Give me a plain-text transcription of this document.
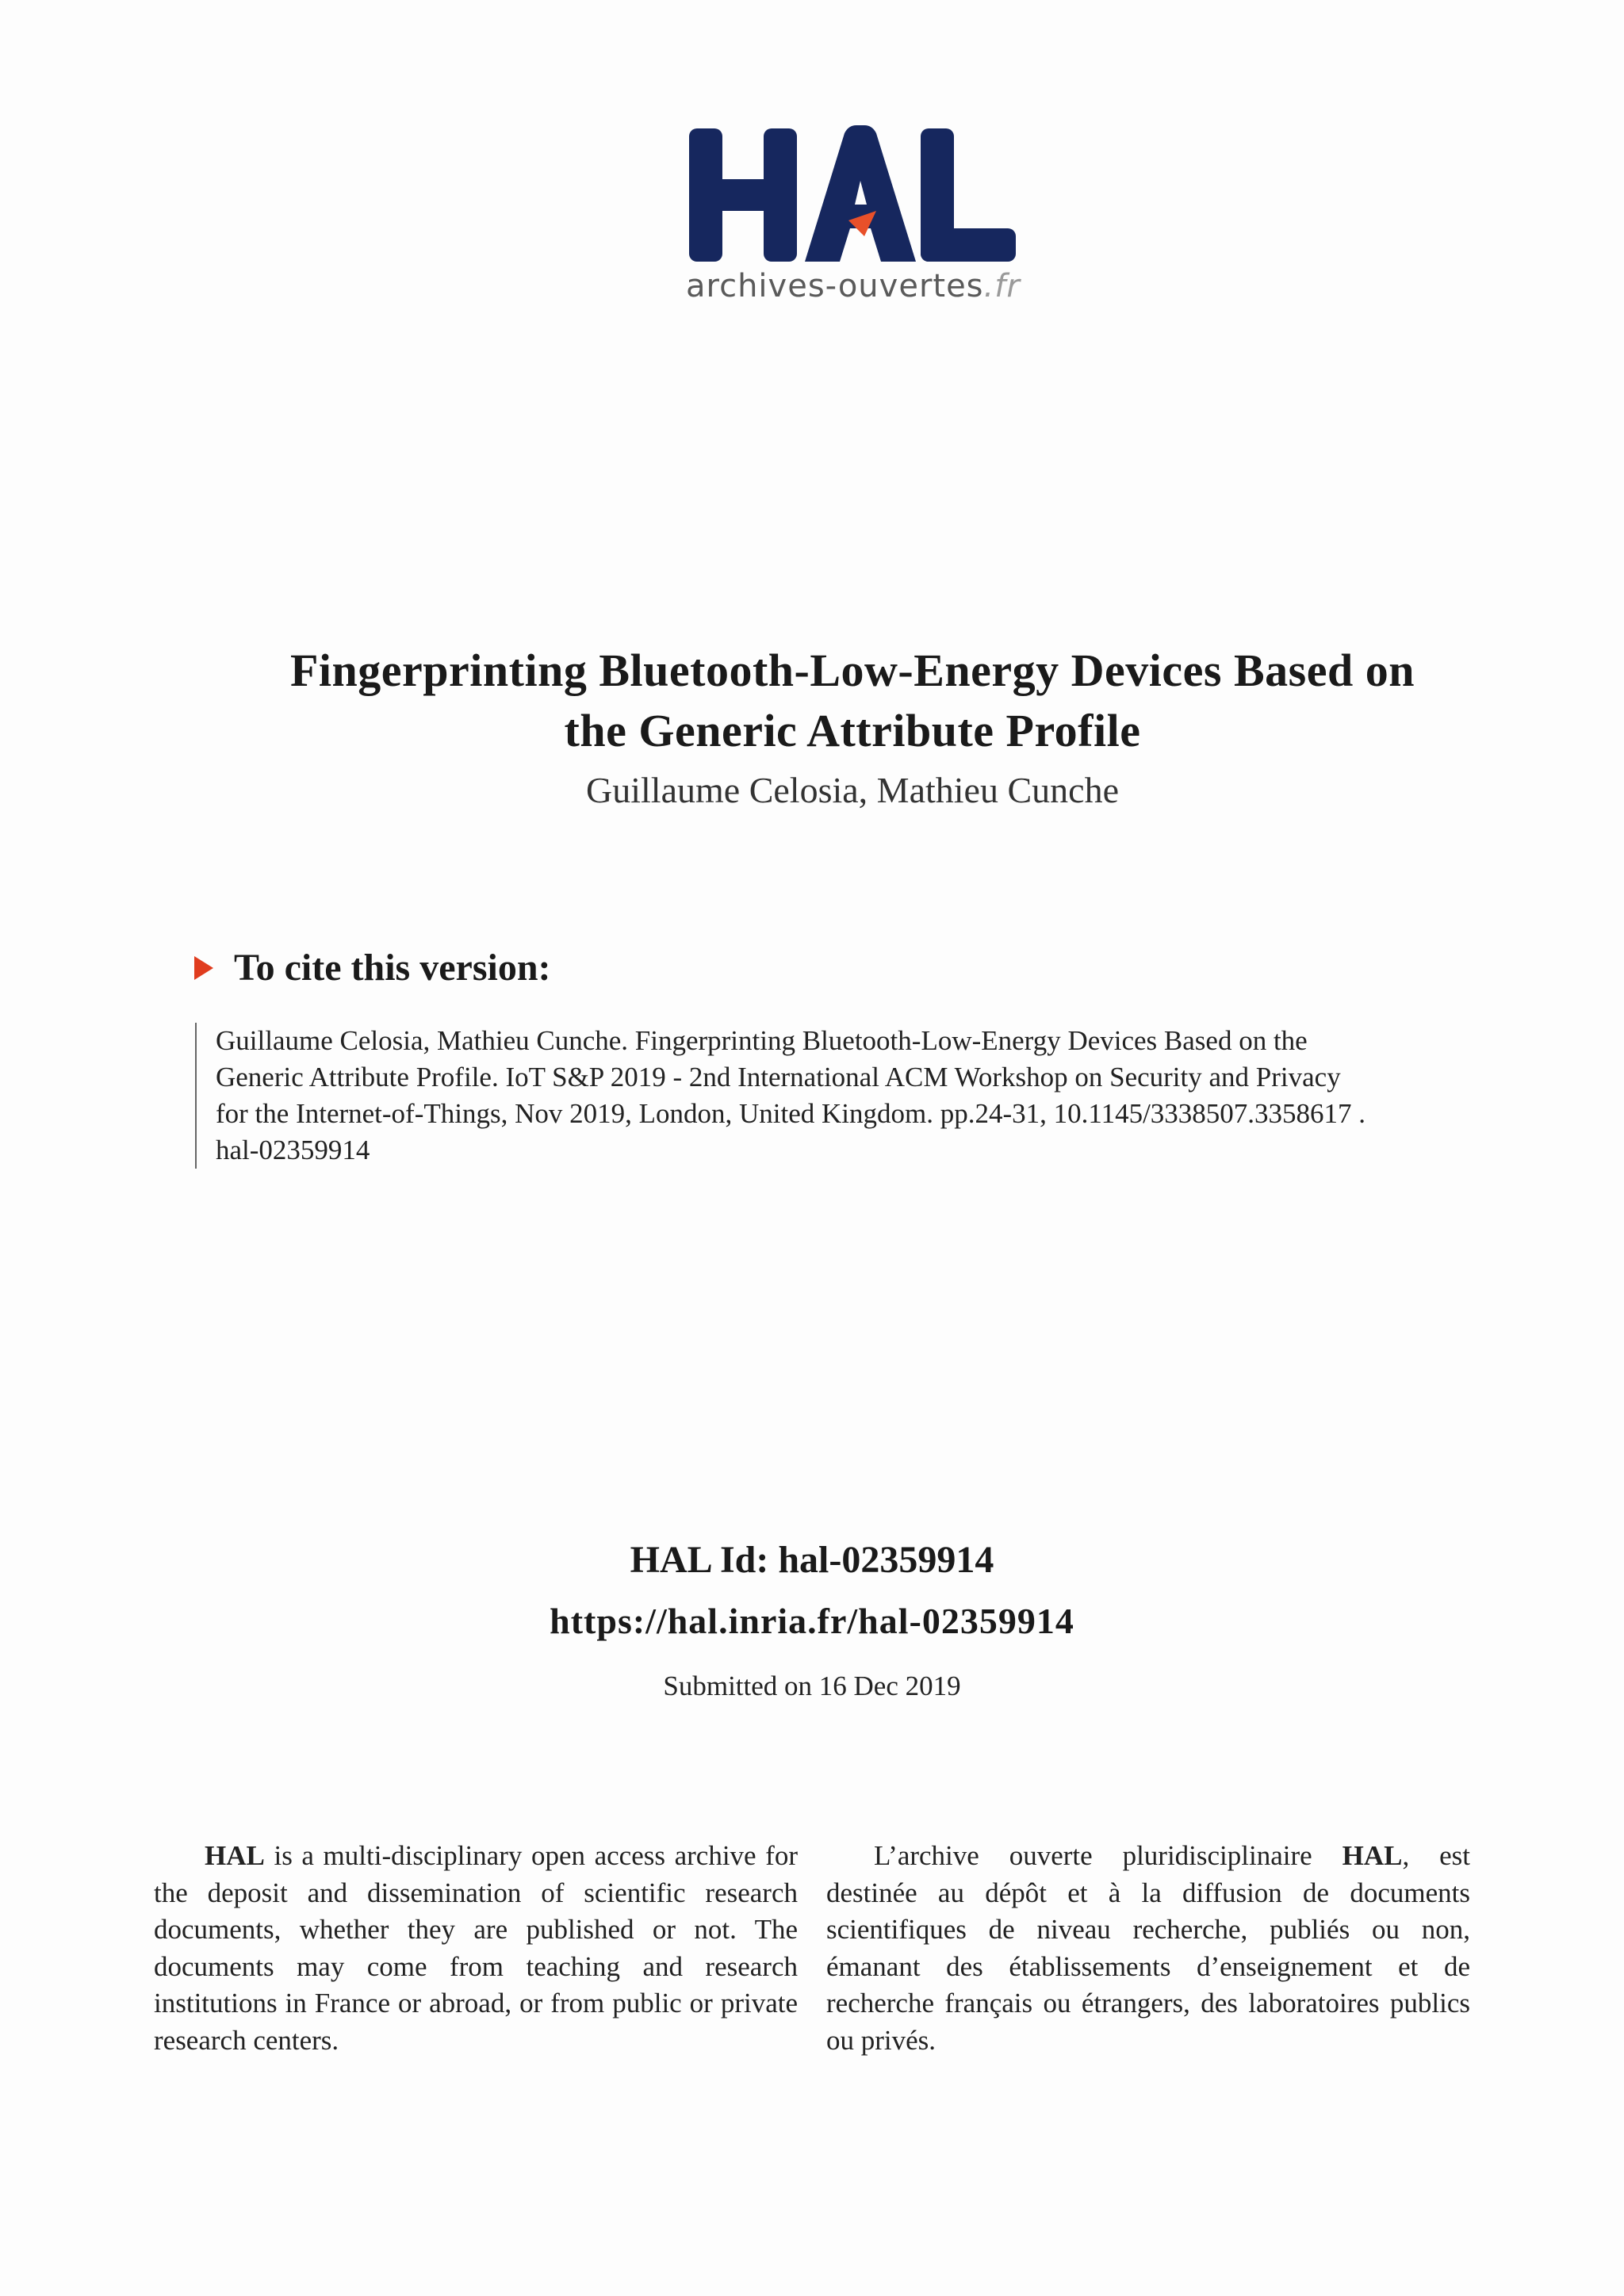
archives-ouvertes.fr
Fingerprinting Bluetooth-Low-Energy Devices Based on
the Generic Attribute Profile
Guillaume Celosia, Mathieu Cunche
To cite this version:
Guillaume Celosia, Mathieu Cunche. Fingerprinting Bluetooth-Low-Energy Devices Based on the
Generic Attribute Profile. IoT S&P 2019 - 2nd International ACM Workshop on Security and Privacy
for the Internet-of-Things, Nov 2019, London, United Kingdom. pp.24-31, 10.1145/3338507.3358617 .
hal-02359914
HAL Id: hal-02359914
https://hal.inria.fr/hal-02359914
Submitted on 16 Dec 2019
HAL is a multi-disciplinary open access archive for the deposit and dissemination of scientific research documents, whether they are published or not. The documents may come from teaching and research institutions in France or abroad, or from public or private research centers.
L’archive ouverte pluridisciplinaire HAL, est destinée au dépôt et à la diffusion de documents scientifiques de niveau recherche, publiés ou non, émanant des établissements d’enseignement et de recherche français ou étrangers, des laboratoires publics ou privés.
